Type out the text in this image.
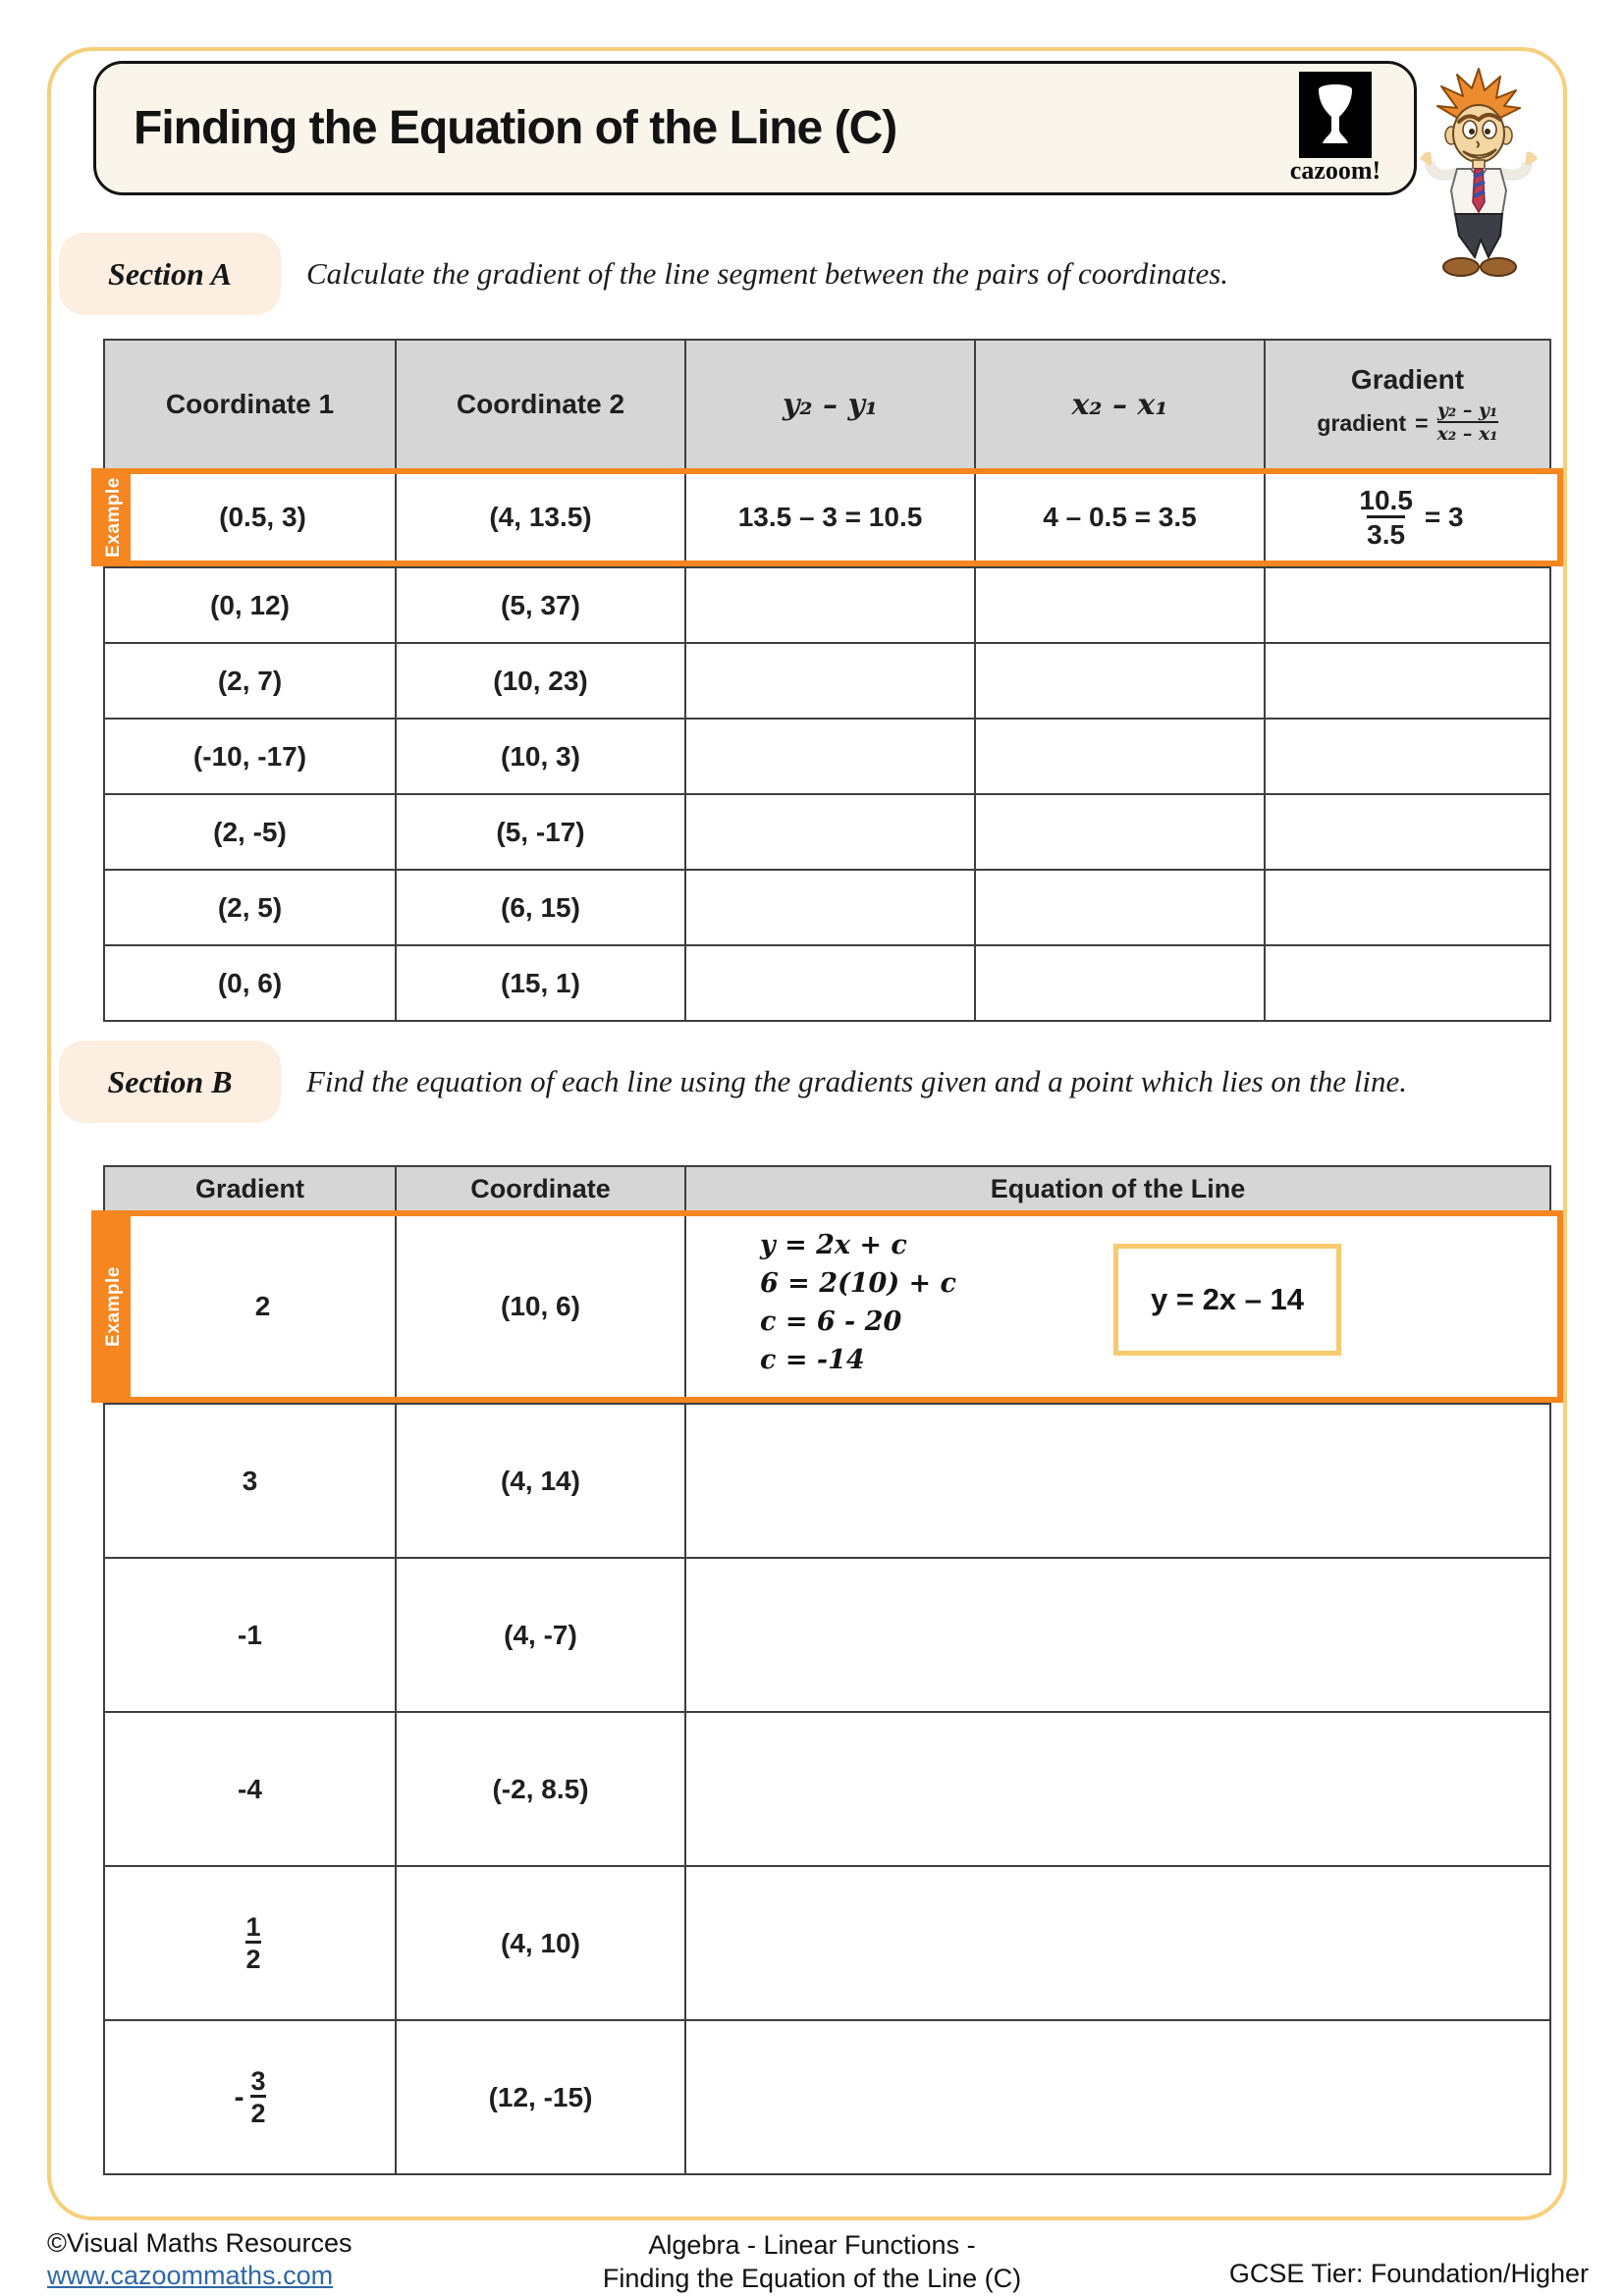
Finding the Equation of the Line (C)
cazoom!
Section A Calculate the gradient of the line segment between the pairs of coordinates.
Coordinate 1	Coordinate 2	y₂ – y₁	x₂ – x₁
Gradient
gradient = $\frac{\text{y₂ – y₁}}{\text{x₂ – x₁}}$
Example	(0.5, 3)	(4, 13.5)	13.5 – 3 = 10.5	4 – 0.5 = 3.5	$\frac{10.5}{3.5} = 3$
(0, 12)	(5, 37)
(2, 7)	(10, 23)
(-10, -17)	(10, 3)
(2, -5)	(5, -17)
(2, 5)	(6, 15)
(0, 6)	(15, 1)
Section B Find the equation of each line using the gradients given and a point which lies on the line.
Gradient	Coordinate	Equation of the Line
Example	2	(10, 6)
y = 2x + c
6 = 2(10) + c
c = 6 - 20
c = -14
y = 2x – 14
3	(4, 14)
-1	(4, -7)
-4	(-2, 8.5)
$\frac{1}{2}$	(4, 10)
- $\frac{3}{2}$	(12, -15)
©Visual Maths Resources
www.cazoommaths.com
Algebra - Linear Functions -
Finding the Equation of the Line (C)	GCSE Tier: Foundation/Higher
